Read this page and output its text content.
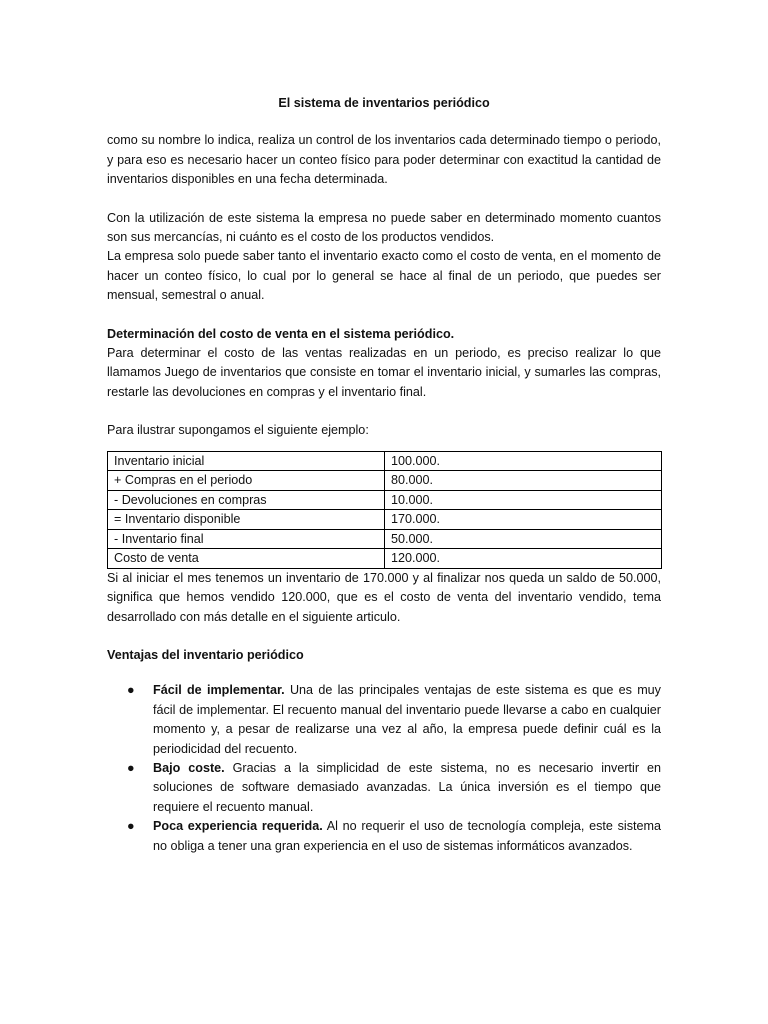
El sistema de inventarios periódico

como su nombre lo indica, realiza un control de los inventarios cada determinado tiempo o periodo, y para eso es necesario hacer un conteo físico para poder determinar con exactitud la cantidad de inventarios disponibles en una fecha determinada.

Con la utilización de este sistema la empresa no puede saber en determinado momento cuantos son sus mercancías, ni cuánto es el costo de los productos vendidos.

La empresa solo puede saber tanto el inventario exacto como el costo de venta, en el momento de hacer un conteo físico, lo cual por lo general se hace al final de un periodo, que puedes ser mensual, semestral o anual.

Determinación del costo de venta en el sistema periódico.

Para determinar el costo de las ventas realizadas en un periodo, es preciso realizar lo que llamamos Juego de inventarios que consiste en tomar el inventario inicial, y sumarles las compras, restarle las devoluciones en compras y el inventario final.

Para ilustrar supongamos el siguiente ejemplo:

Inventario inicial	100.000.
+ Compras en el periodo	80.000.
- Devoluciones en compras	10.000.
= Inventario disponible	170.000.
- Inventario final	50.000.
Costo de venta	120.000.

Si al iniciar el mes tenemos un inventario de 170.000 y al finalizar nos queda un saldo de 50.000, significa que hemos vendido 120.000, que es el costo de venta del inventario vendido, tema desarrollado con más detalle en el siguiente articulo.

Ventajas del inventario periódico

● Fácil de implementar. Una de las principales ventajas de este sistema es que es muy fácil de implementar. El recuento manual del inventario puede llevarse a cabo en cualquier momento y, a pesar de realizarse una vez al año, la empresa puede definir cuál es la periodicidad del recuento.
● Bajo coste. Gracias a la simplicidad de este sistema, no es necesario invertir en soluciones de software demasiado avanzadas. La única inversión es el tiempo que requiere el recuento manual.
● Poca experiencia requerida. Al no requerir el uso de tecnología compleja, este sistema no obliga a tener una gran experiencia en el uso de sistemas informáticos avanzados.
